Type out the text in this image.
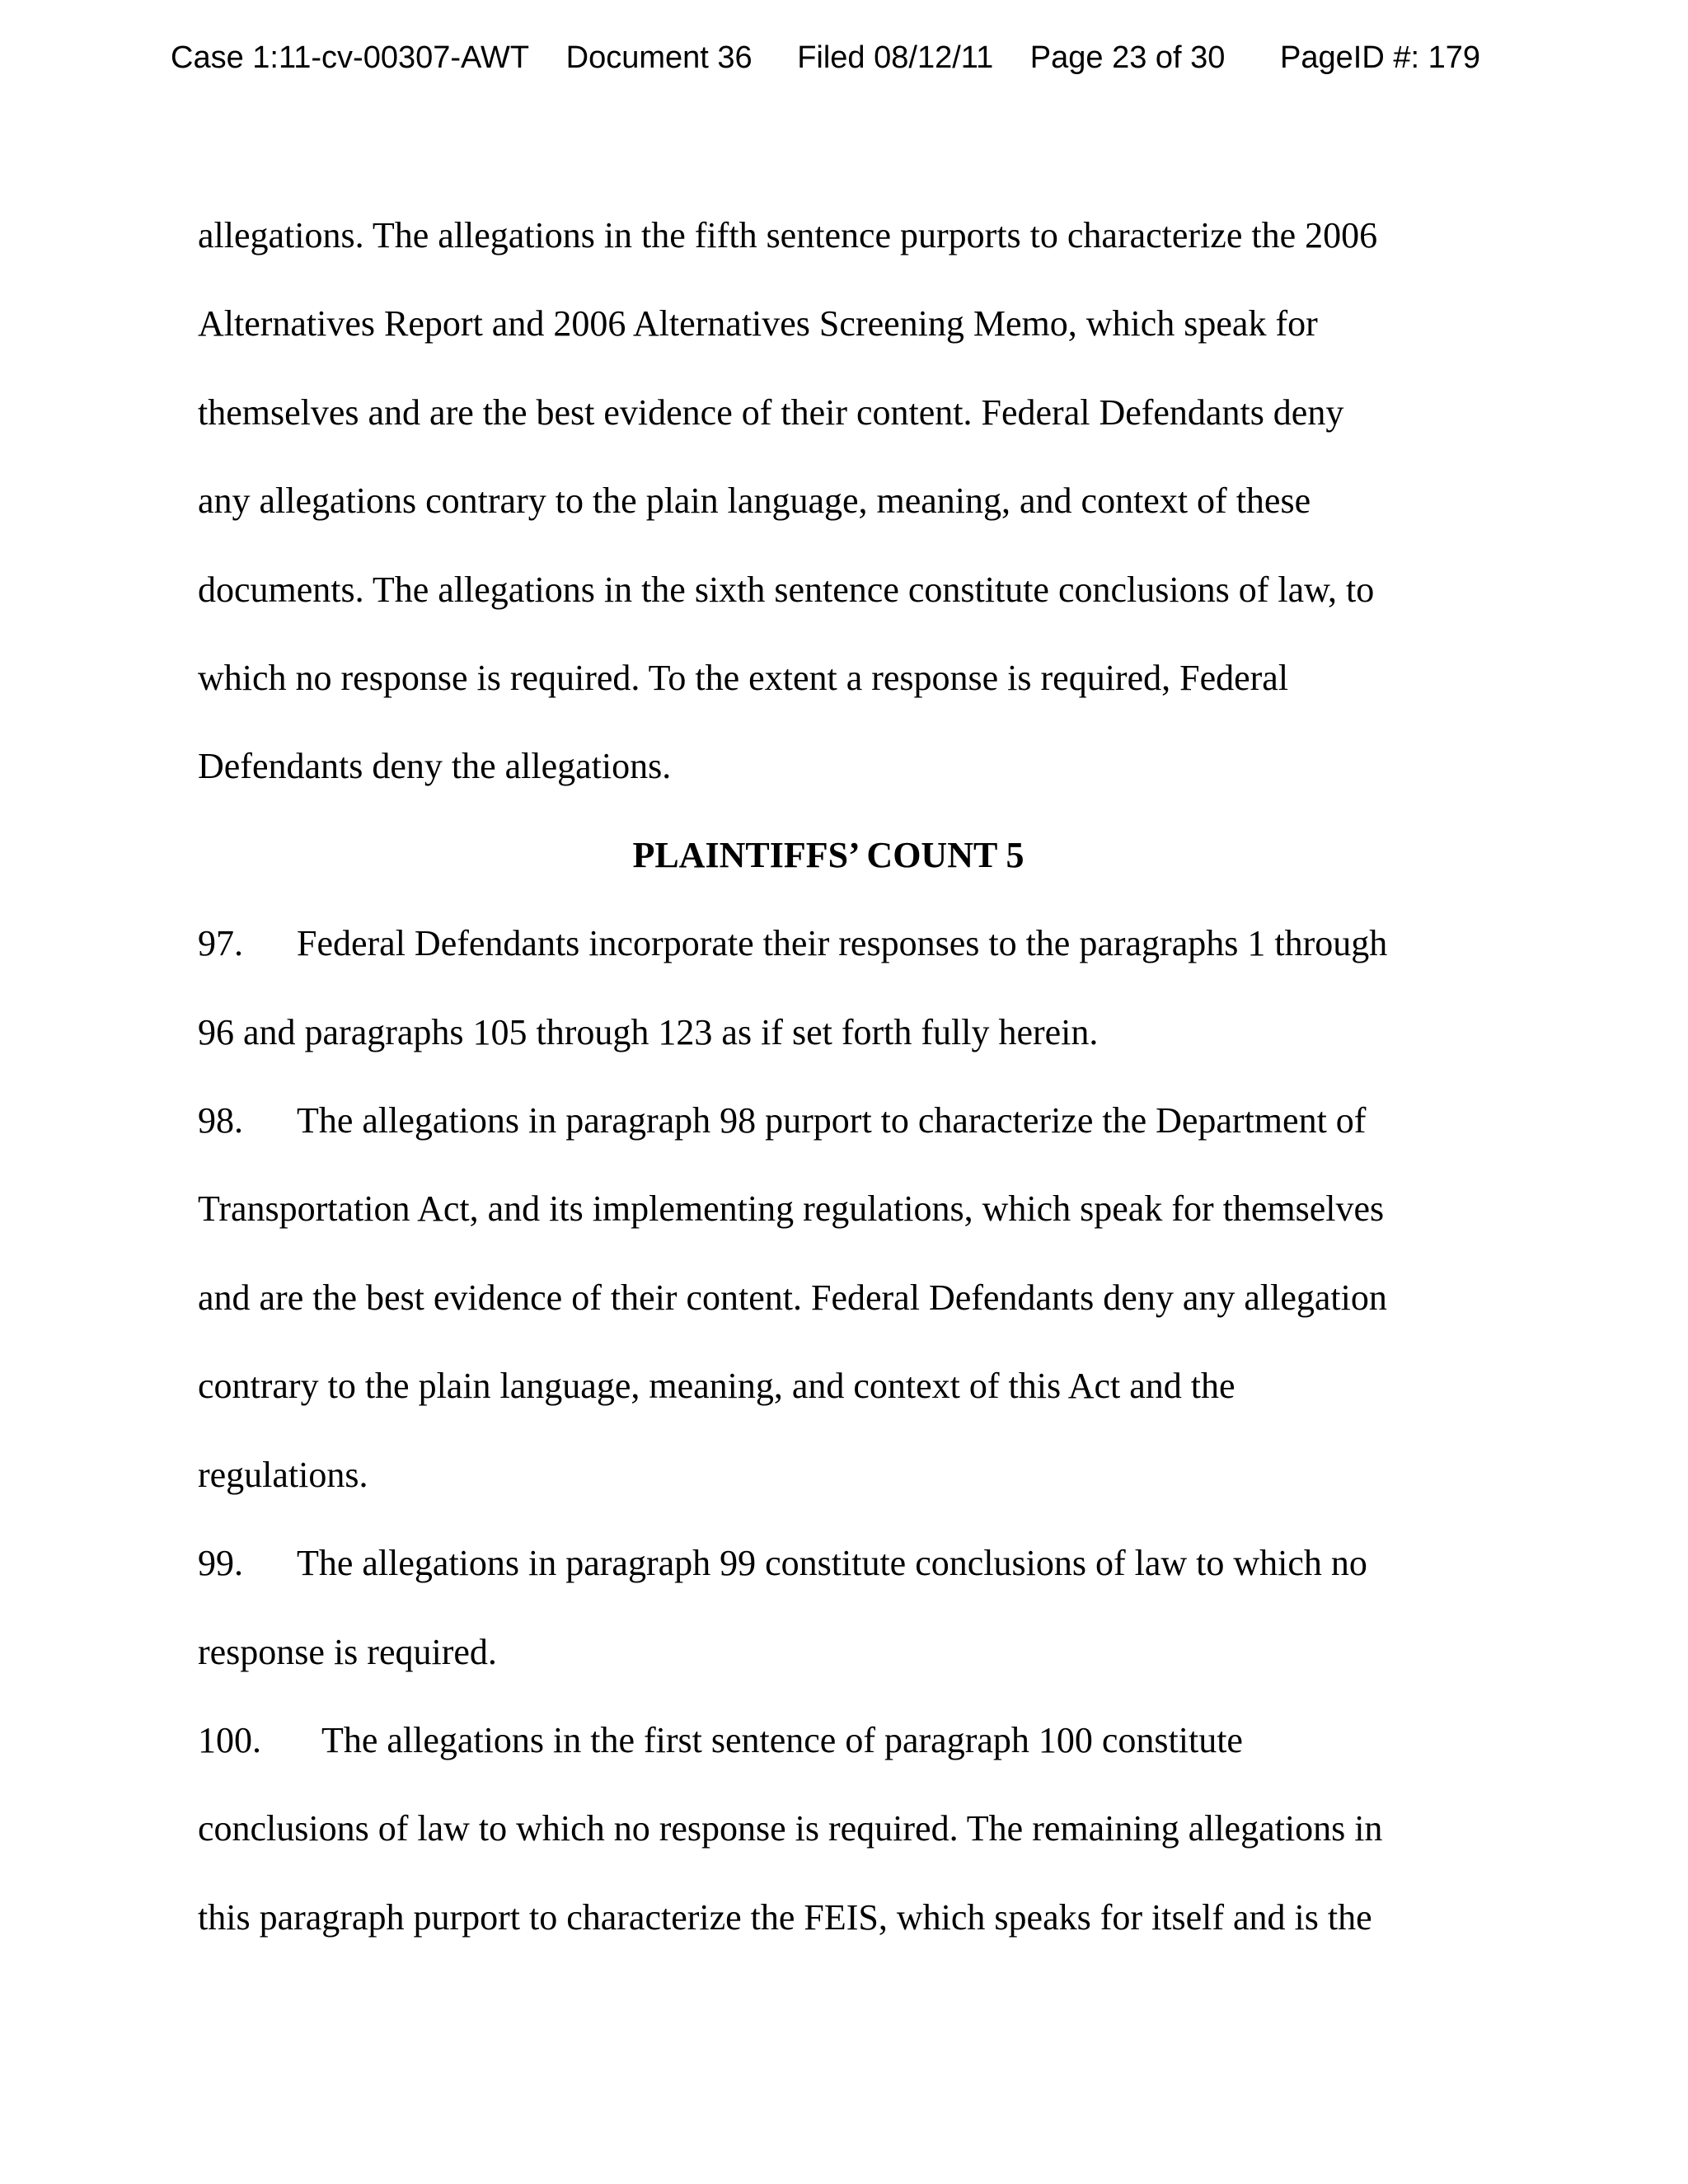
Case 1:11-cv-00307-AWT Document 36 Filed 08/12/11 Page 23 of 30 PageID #: 179
allegations. The allegations in the fifth sentence purports to characterize the 2006
Alternatives Report and 2006 Alternatives Screening Memo, which speak for
themselves and are the best evidence of their content. Federal Defendants deny
any allegations contrary to the plain language, meaning, and context of these
documents. The allegations in the sixth sentence constitute conclusions of law, to
which no response is required. To the extent a response is required, Federal
Defendants deny the allegations.
PLAINTIFFS’ COUNT 5
97. Federal Defendants incorporate their responses to the paragraphs 1 through
96 and paragraphs 105 through 123 as if set forth fully herein.
98. The allegations in paragraph 98 purport to characterize the Department of
Transportation Act, and its implementing regulations, which speak for themselves
and are the best evidence of their content. Federal Defendants deny any allegation
contrary to the plain language, meaning, and context of this Act and the
regulations.
99. The allegations in paragraph 99 constitute conclusions of law to which no
response is required.
100. The allegations in the first sentence of paragraph 100 constitute
conclusions of law to which no response is required. The remaining allegations in
this paragraph purport to characterize the FEIS, which speaks for itself and is the
